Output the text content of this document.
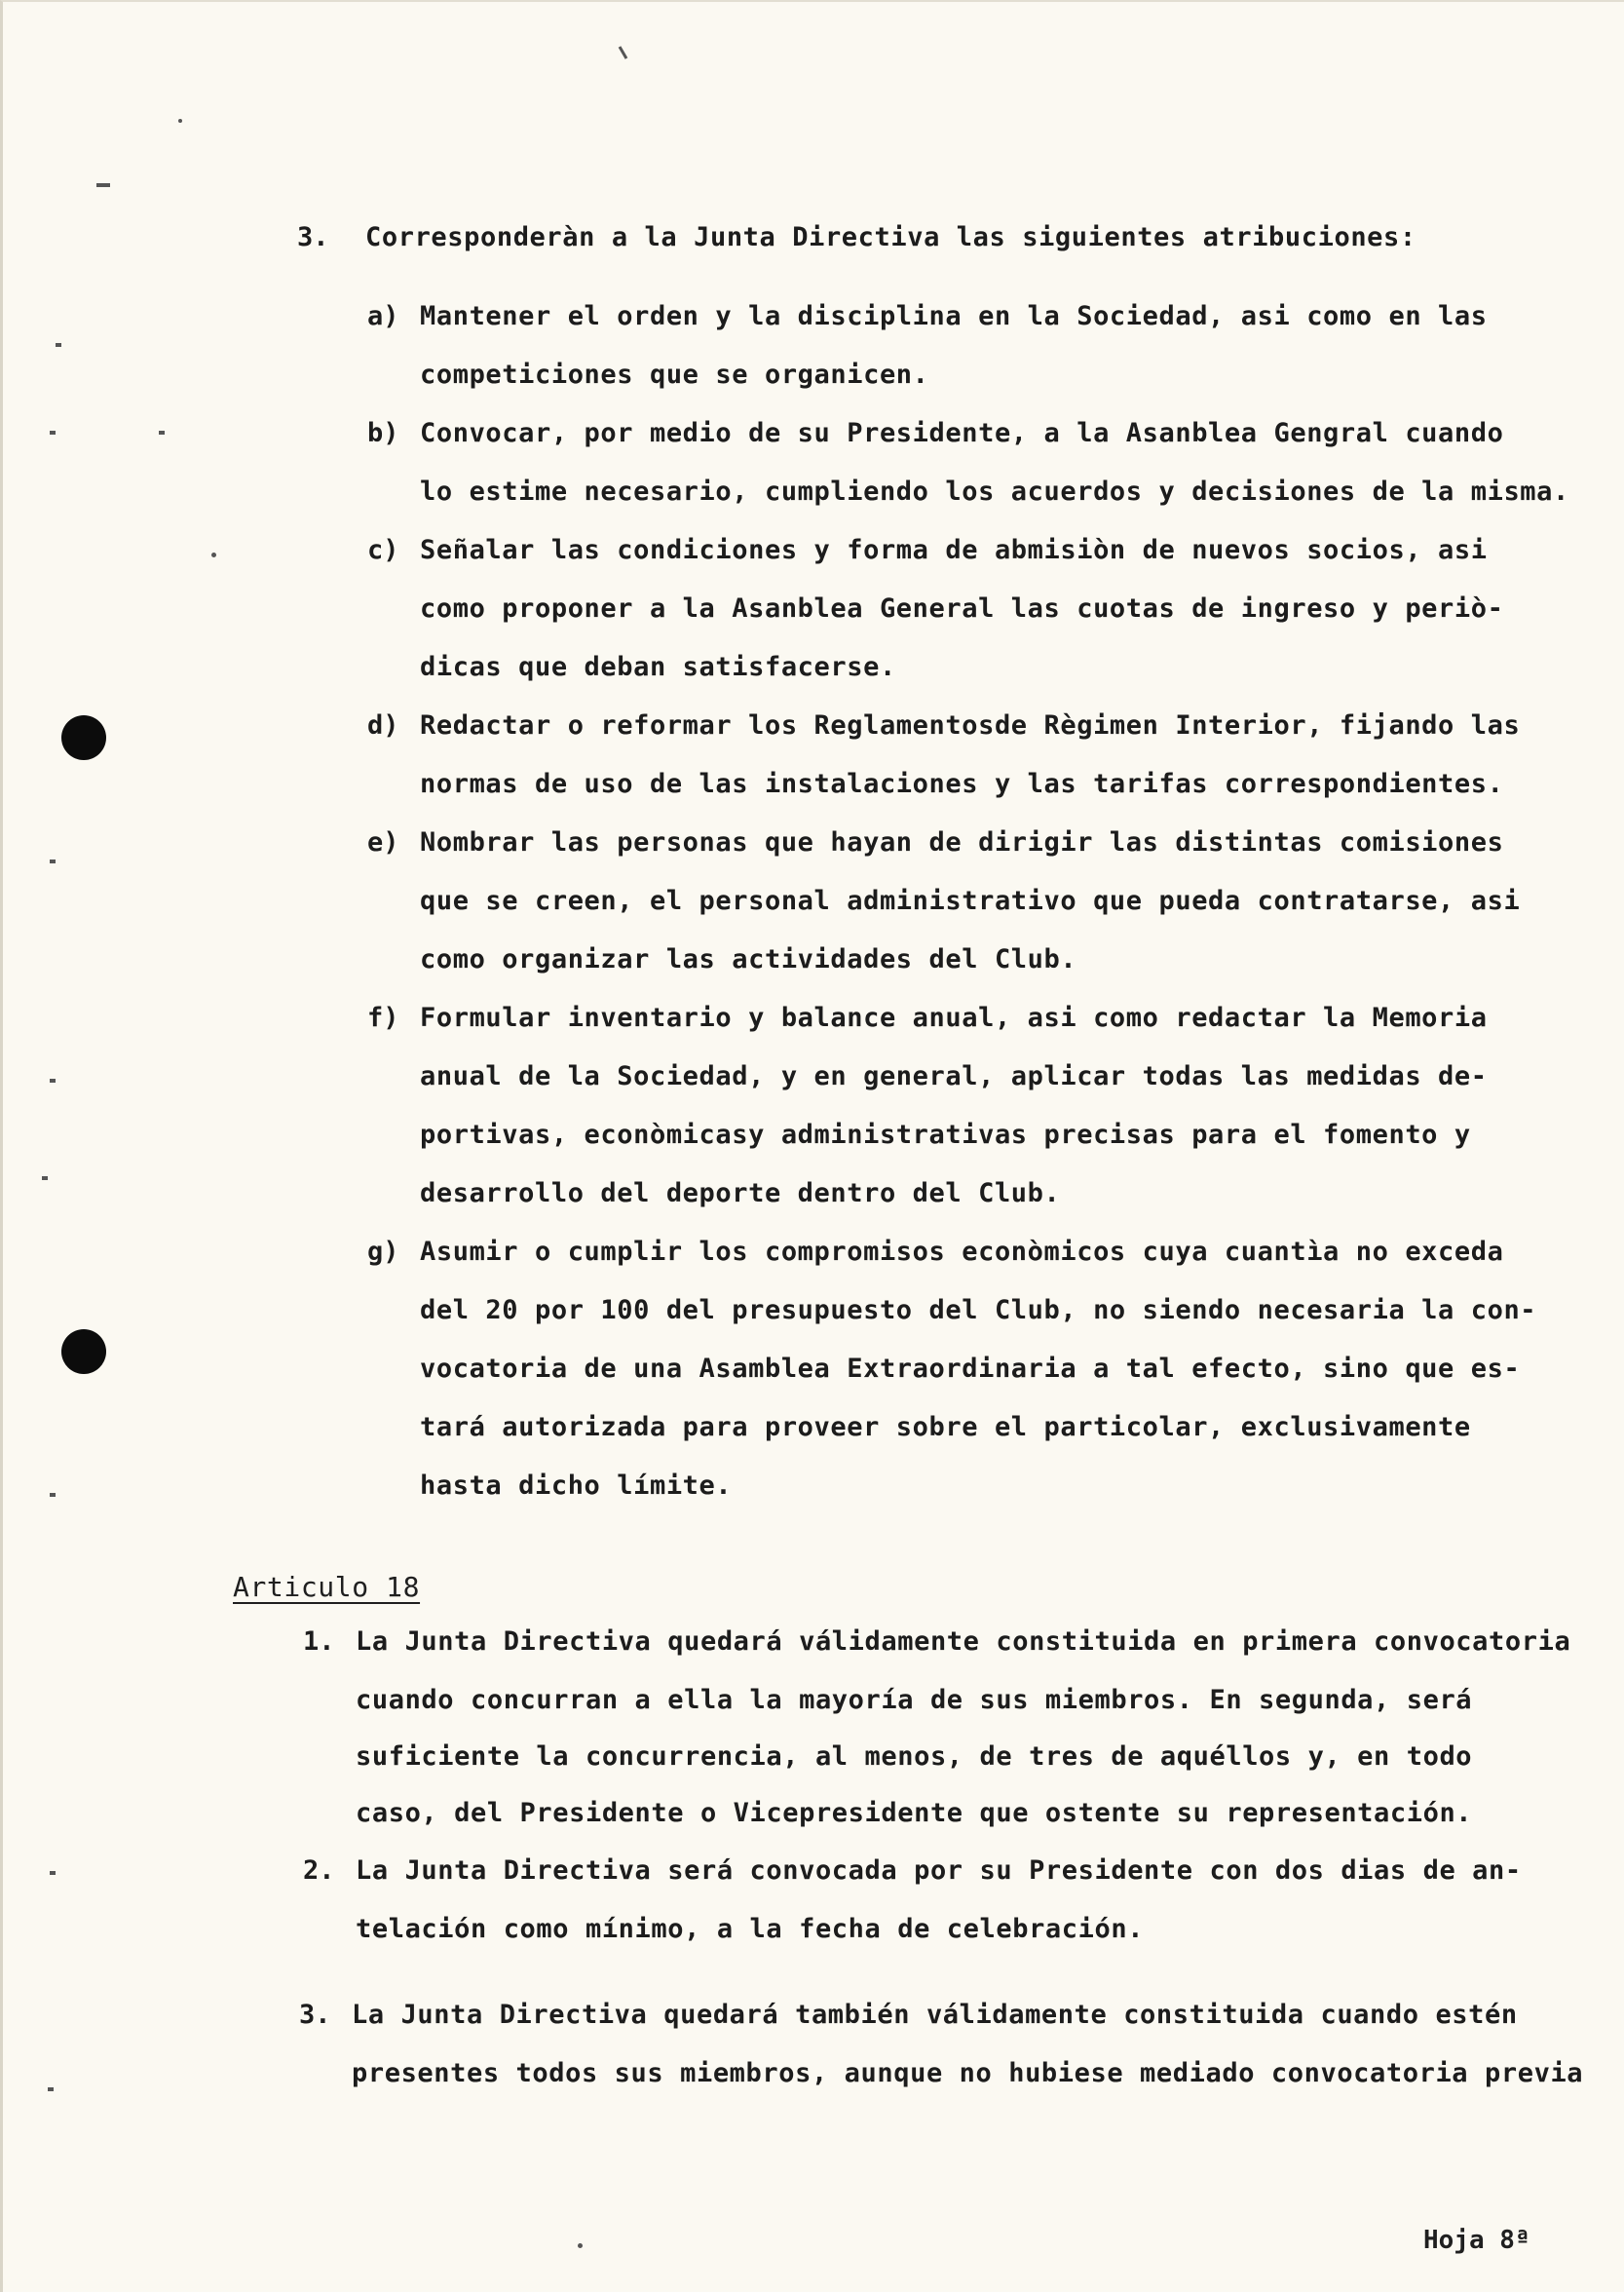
3. Corresponderàn a la Junta Directiva las siguientes atribuciones:
a) Mantener el orden y la disciplina en la Sociedad, asi como en las
competiciones que se organicen.
b) Convocar, por medio de su Presidente, a la Asanblea Gengral cuando
lo estime necesario, cumpliendo los acuerdos y decisiones de la misma.
c) Señalar las condiciones y forma de abmisiòn de nuevos socios, asi
como proponer a la Asanblea General las cuotas de ingreso y periò-
dicas que deban satisfacerse.
d) Redactar o reformar los Reglamentosde Règimen Interior, fijando las
normas de uso de las instalaciones y las tarifas correspondientes.
e) Nombrar las personas que hayan de dirigir las distintas comisiones
que se creen, el personal administrativo que pueda contratarse, asi
como organizar las actividades del Club.
f) Formular inventario y balance anual, asi como redactar la Memoria
anual de la Sociedad, y en general, aplicar todas las medidas de-
portivas, econòmicasy administrativas precisas para el fomento y
desarrollo del deporte dentro del Club.
g) Asumir o cumplir los compromisos econòmicos cuya cuantìa no exceda
del 20 por 100 del presupuesto del Club, no siendo necesaria la con-
vocatoria de una Asamblea Extraordinaria a tal efecto, sino que es-
tará autorizada para proveer sobre el particolar, exclusivamente
hasta dicho límite.
Articulo 18
1. La Junta Directiva quedará válidamente constituida en primera convocatoria
cuando concurran a ella la mayoría de sus miembros. En segunda, será
suficiente la concurrencia, al menos, de tres de aquéllos y, en todo
caso, del Presidente o Vicepresidente que ostente su representación.
2. La Junta Directiva será convocada por su Presidente con dos dias de an-
telación como mínimo, a la fecha de celebración.
3. La Junta Directiva quedará también válidamente constituida cuando estén
presentes todos sus miembros, aunque no hubiese mediado convocatoria previa
Hoja 8ª
